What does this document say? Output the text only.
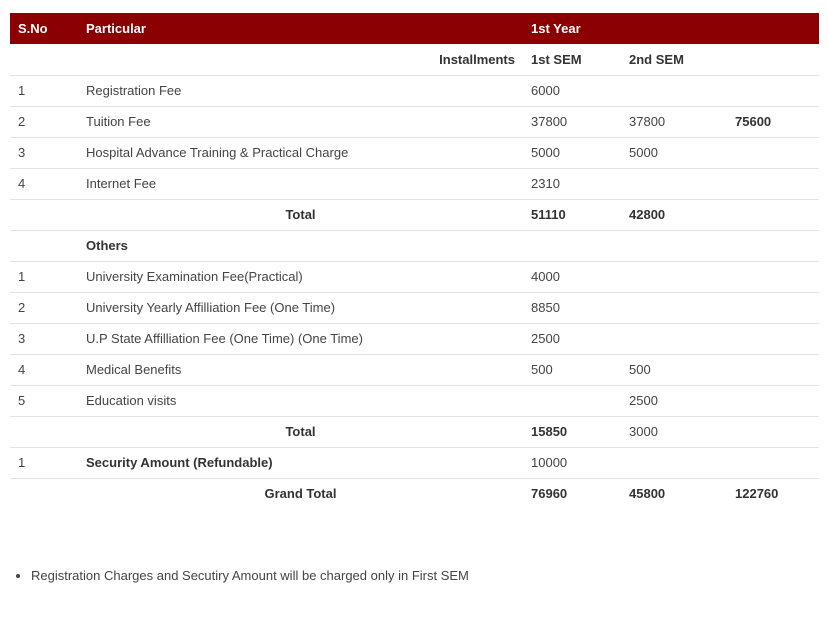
S.No	Particular	1st Year		
	Installments	1st SEM	2nd SEM	
1	Registration Fee	6000		
2	Tuition Fee	37800	37800	75600
3	Hospital Advance Training & Practical Charge	5000	5000	
4	Internet Fee	2310		
	Total	51110	42800	
	Others			
1	University Examination Fee(Practical)	4000		
2	University Yearly Affilliation Fee (One Time)	8850		
3	U.P State Affilliation Fee (One Time) (One Time)	2500		
4	Medical Benefits	500	500	
5	Education visits		2500	
	Total	15850	3000	
1	Security Amount (Refundable)	10000		
	Grand Total	76960	45800	122760
• Registration Charges and Secutiry Amount will be charged only in First SEM
